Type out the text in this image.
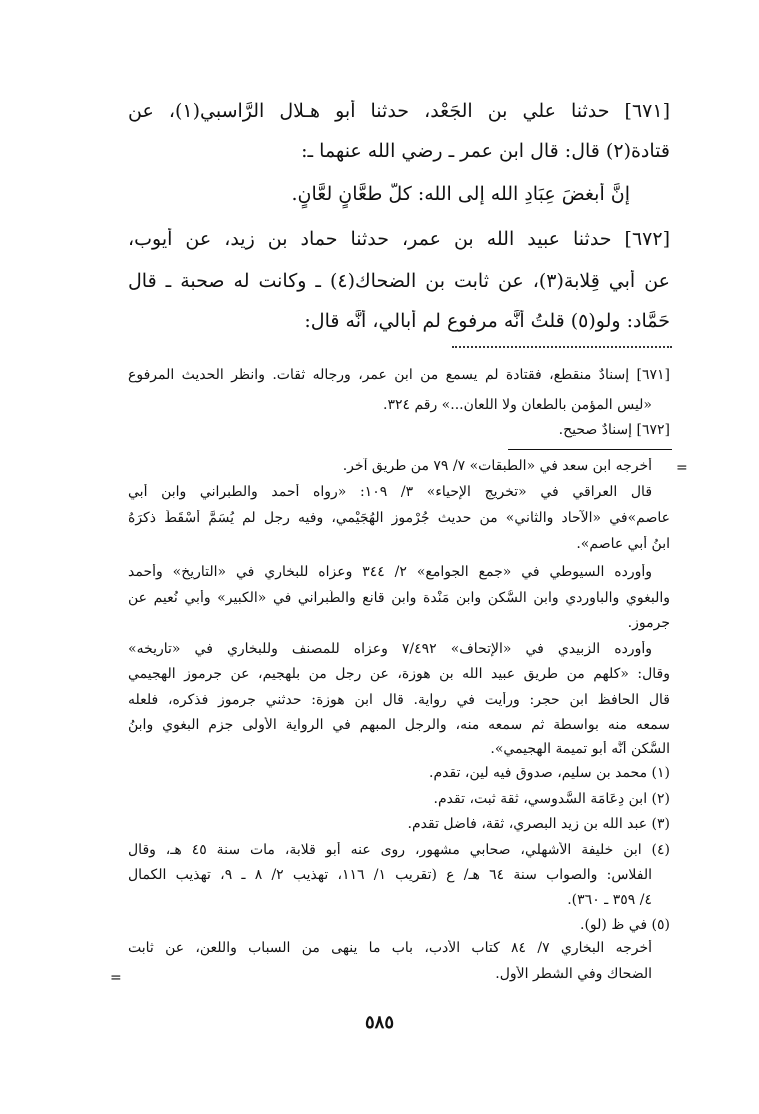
[٦٧١] حدثنا علي بن الجَعْد، حدثنا أبو هـلال الرَّاسبي(١)، عن
قتادة(٢) قال: قال ابن عمر ـ رضي الله عنهما ـ:
إنَّ أبغضَ عِبَادِ الله إلى الله: كلُّ طعَّانٍ لعَّانٍ.
[٦٧٢] حدثنا عبيد الله بن عمر، حدثنا حماد بن زيد، عن أيوب،
عن أبي قِلابة(٣)، عن ثابت بن الضحاك(٤) ـ وكانت له صحبة ـ قال
حَمَّاد: ولو(٥) قلتُ أنَّه مرفوع لم أُبالي، أنَّه قال:
[٦٧١] إسنادٌ منقطع، فقتادة لم يسمع من ابن عمر، ورجاله ثقات. وانظر الحديث المرفوع
«ليس المؤمن بالطعان ولا اللعان...» رقم ٣٢٤.
[٦٧٢] إسنادٌ صحيح.
=
أخرجه ابن سعد في «الطبقات» ٧/ ٧٩ من طريق آخر.
قال العراقي في «تخريج الإحياء» ٣/ ١٠٩: «رواه أحمد والطبراني وابن أبي
عاصم»في «الآحاد والثاني» من حديث جُرْموز الهُجَيْمي، وفيه رجل لم يُسَمَّ أَسْقَطَ ذكرَهُ
ابنُ أبي عاصم».
وأورده السيوطي في «جمع الجوامع» ٢/ ٣٤٤ وعزاه للبخاري في «التاريخ» وأحمد
والبغوي والباوردي وابن السُّكن وابن مَنْدة وابن قانع والطَّبراني في «الكبير» وأبي نُعيم عن
جرموز.
وأورده الزبيدي في «الإتحاف» ٧/٤٩٢ وعزاه للمصنف وللبخاري في «تاريخه»
وقال: «كلهم من طريق عبيد الله بن هوزة، عن رجل من بلهجيم، عن جرموز الهجيمي
قال الحافظ ابن حجر: ورأيت في رواية. قال ابن هوزة: حدثني جرموز فذكره، فلعله
سمعه منه بواسطة ثم سمعه منه، والرجل المبهم في الرواية الأولى جزم البغوي وابنُ
السُّكن أنَّه أبو تميمة الهجيمي».
(١) محمد بن سليم، صدوق فيه لين، تقدم.
(٢) ابن دِعَامَة السَّدوسي، ثقة ثبت، تقدم.
(٣) عبد الله بن زيد البصري، ثقة، فاضل تقدم.
(٤) ابن خليفة الأشهلي، صحابي مشهور، روى عنه أبو قلابة، مات سنة ٤٥ هـ، وقال
الفلاس: والصواب سنة ٦٤ هـ/ ع (تقريب ١/ ١١٦، تهذيب ٢/ ٨ ـ ٩، تهذيب الكمال
٤/ ٣٥٩ ـ ٣٦٠).
(٥) في ظ (لو).
أخرجه البخاري ٧/ ٨٤ كتاب الأدب، باب ما ينهى من السباب واللعن، عن ثابت
الضحاك وفي الشطر الأول.
=
٥٨٥
